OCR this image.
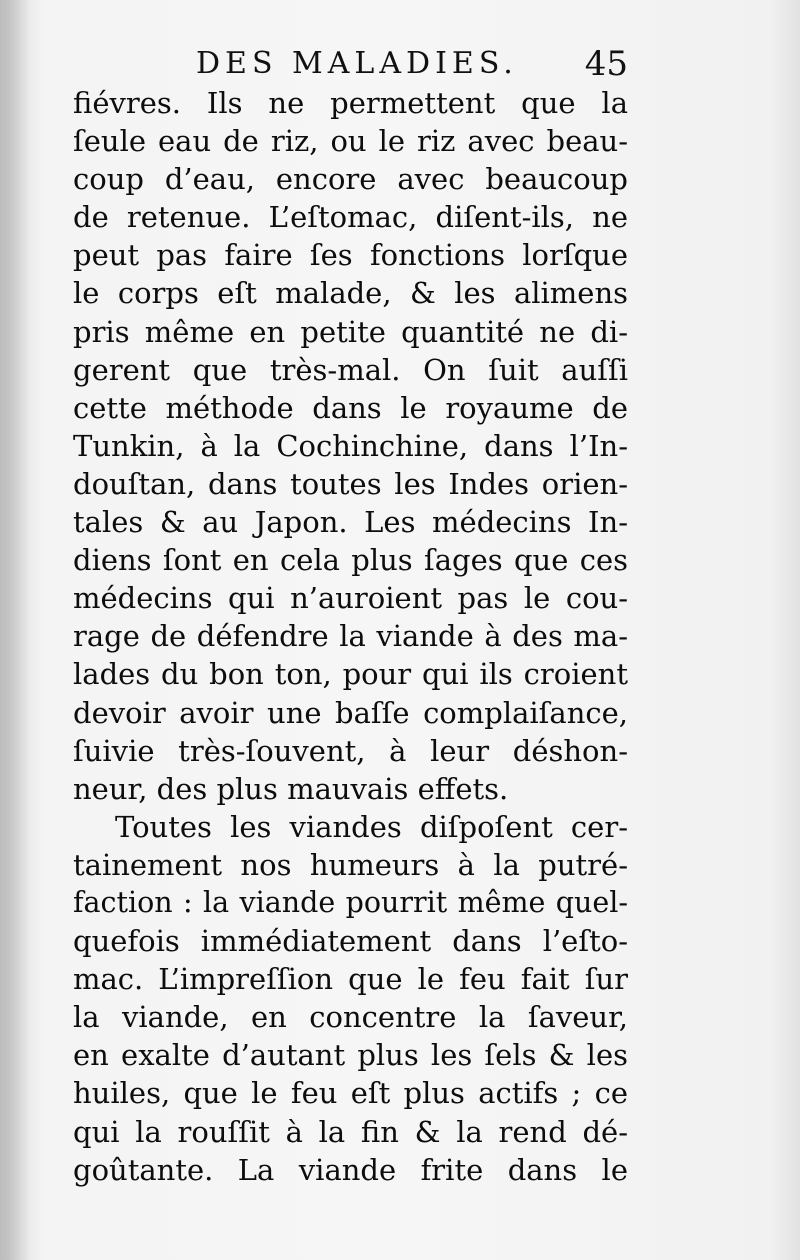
DES MALADIES. 45
fiévres. Ils ne permettent que la
ſeule eau de riz, ou le riz avec beau-
coup d’eau, encore avec beaucoup
de retenue. L’eſtomac, diſent-ils, ne
peut pas faire ſes fonctions lorſque
le corps eſt malade, & les alimens
pris même en petite quantité ne di-
gerent que très-mal. On ſuit auſſi
cette méthode dans le royaume de
Tunkin, à la Cochinchine, dans l’In-
douſtan, dans toutes les Indes orien-
tales & au Japon. Les médecins In-
diens ſont en cela plus ſages que ces
médecins qui n’auroient pas le cou-
rage de défendre la viande à des ma-
lades du bon ton, pour qui ils croient
devoir avoir une baſſe complaiſance,
ſuivie très-ſouvent, à leur déshon-
neur, des plus mauvais effets.
Toutes les viandes diſpoſent cer-
tainement nos humeurs à la putré-
faction : la viande pourrit même quel-
quefois immédiatement dans l’eſto-
mac. L’impreſſion que le feu fait ſur
la viande, en concentre la ſaveur,
en exalte d’autant plus les ſels & les
huiles, que le feu eſt plus actifs ; ce
qui la rouſſit à la fin & la rend dé-
goûtante. La viande frite dans le
